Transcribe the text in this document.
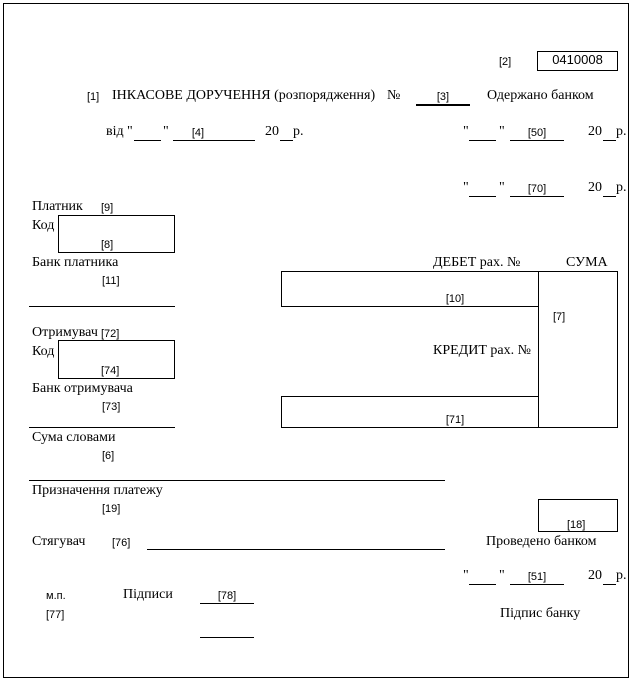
[2]	0410008
[1] ІНКАСОВЕ ДОРУЧЕННЯ (розпорядження) №	[3]	Одержано банком
від " "	[4]	20 р.	" "	[50]	20 р.
" "	[70]	20 р.
Платник [9]
Код
[8]
Банк платника
[11]
ДЕБЕТ рах. №	СУМА
[10]
[7]
КРЕДИТ рах. №
[71]
Отримувач [72]
Код
[74]
Банк отримувача
[73]
Сума словами
[6]
Призначення платежу
[19]
[18]
Стягувач [76]	Проведено банком
" "	[51]	20 р.
м.п.
[77]
Підписи	[78]
Підпис банку
